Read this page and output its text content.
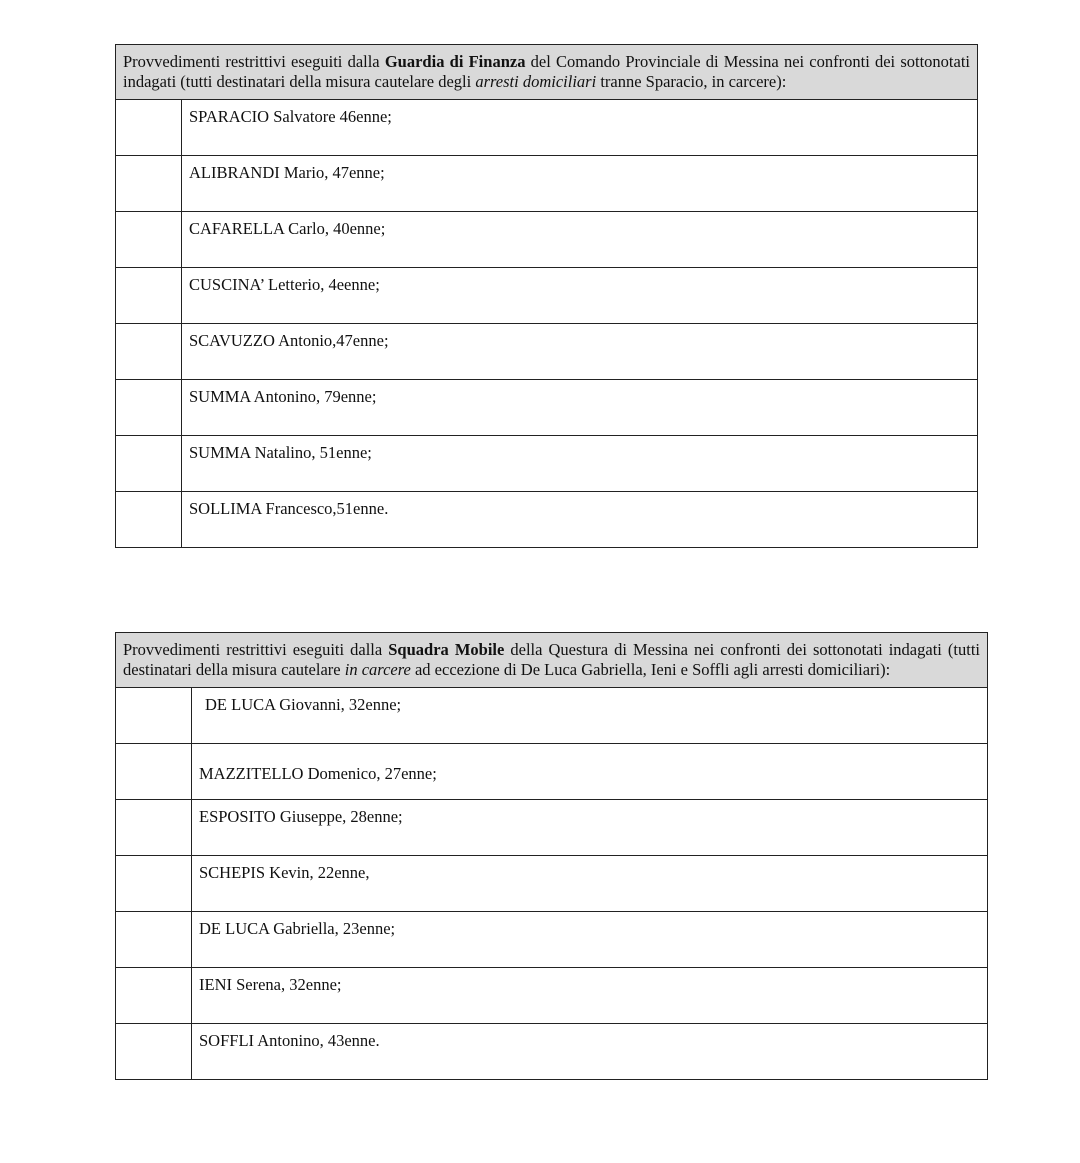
Provvedimenti restrittivi eseguiti dalla Guardia di Finanza del Comando Provinciale di Messina nei confronti dei sottonotati indagati (tutti destinatari della misura cautelare degli arresti domiciliari tranne Sparacio, in carcere):	
	SPARACIO Salvatore 46enne;
	ALIBRANDI Mario, 47enne;
	CAFARELLA Carlo, 40enne;
	CUSCINA’ Letterio, 4eenne;
	SCAVUZZO Antonio,47enne;
	SUMMA Antonino, 79enne;
	SUMMA Natalino, 51enne;
	SOLLIMA Francesco,51enne.
Provvedimenti restrittivi eseguiti dalla Squadra Mobile della Questura di Messina nei confronti dei sottonotati indagati (tutti destinatari della misura cautelare in carcere ad eccezione di De Luca Gabriella, Ieni e Soffli agli arresti domiciliari):	
	DE LUCA Giovanni, 32enne;
	MAZZITELLO Domenico, 27enne;
	ESPOSITO Giuseppe, 28enne;
	SCHEPIS Kevin, 22enne,
	DE LUCA Gabriella, 23enne;
	IENI Serena, 32enne;
	SOFFLI Antonino, 43enne.
